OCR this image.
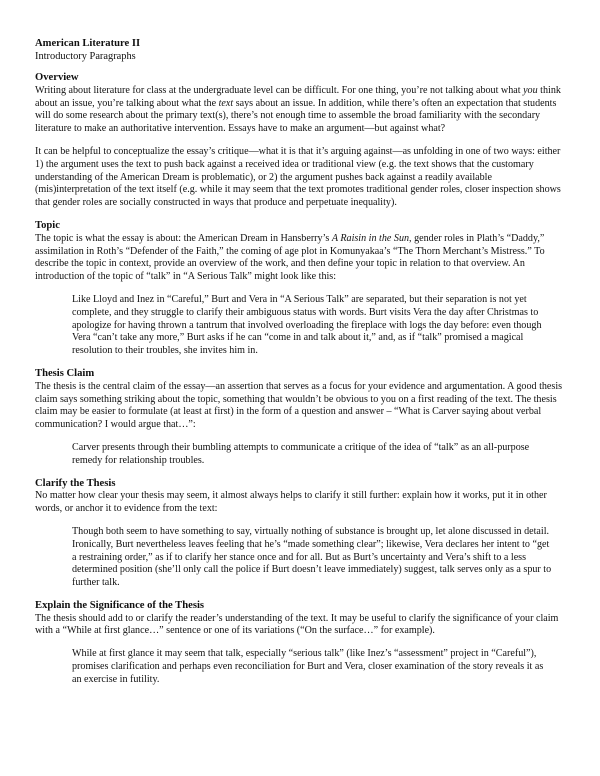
American Literature II

Introductory Paragraphs

Overview

Writing about literature for class at the undergraduate level can be difficult. For one thing, you’re not talking about what you think about an issue, you’re talking about what the text says about an issue. In addition, while there’s often an expectation that students will do some research about the primary text(s), there’s not enough time to assemble the broad familiarity with the secondary literature to make an authoritative intervention. Essays have to make an argument—but against what?

It can be helpful to conceptualize the essay’s critique—what it is that it’s arguing against—as unfolding in one of two ways: either 1) the argument uses the text to push back against a received idea or traditional view (e.g. the text shows that the customary understanding of the American Dream is problematic), or 2) the argument pushes back against a readily available (mis)interpretation of the text itself (e.g. while it may seem that the text promotes traditional gender roles, closer inspection shows that gender roles are socially constructed in ways that produce and perpetuate inequality).

Topic

The topic is what the essay is about: the American Dream in Hansberry’s A Raisin in the Sun, gender roles in Plath’s “Daddy,” assimilation in Roth’s “Defender of the Faith,” the coming of age plot in Komunyakaa’s “The Thorn Merchant’s Mistress.” To describe the topic in context, provide an overview of the work, and then define your topic in relation to that overview. An introduction of the topic of “talk” in “A Serious Talk” might look like this:

Like Lloyd and Inez in “Careful,” Burt and Vera in “A Serious Talk” are separated, but their separation is not yet complete, and they struggle to clarify their ambiguous status with words. Burt visits Vera the day after Christmas to apologize for having thrown a tantrum that involved overloading the fireplace with logs the day before: even though Vera “can’t take any more,” Burt asks if he can “come in and talk about it,” and, as if “talk” promised a magical resolution to their troubles, she invites him in.

Thesis Claim

The thesis is the central claim of the essay—an assertion that serves as a focus for your evidence and argumentation. A good thesis claim says something striking about the topic, something that wouldn’t be obvious to you on a first reading of the text. The thesis claim may be easier to formulate (at least at first) in the form of a question and answer – “What is Carver saying about verbal communication? I would argue that…”:

Carver presents through their bumbling attempts to communicate a critique of the idea of “talk” as an all-purpose remedy for relationship troubles.

Clarify the Thesis

No matter how clear your thesis may seem, it almost always helps to clarify it still further: explain how it works, put it in other words, or anchor it to evidence from the text:

Though both seem to have something to say, virtually nothing of substance is brought up, let alone discussed in detail. Ironically, Burt nevertheless leaves feeling that he’s “made something clear”; likewise, Vera declares her intent to “get a restraining order,” as if to clarify her stance once and for all. But as Burt’s uncertainty and Vera’s shift to a less determined position (she’ll only call the police if Burt doesn’t leave immediately) suggest, talk serves only as a spur to further talk.

Explain the Significance of the Thesis

The thesis should add to or clarify the reader’s understanding of the text. It may be useful to clarify the significance of your claim with a “While at first glance…” sentence or one of its variations (“On the surface…” for example).

While at first glance it may seem that talk, especially “serious talk” (like Inez’s “assessment” project in “Careful”), promises clarification and perhaps even reconciliation for Burt and Vera, closer examination of the story reveals it as an exercise in futility.
